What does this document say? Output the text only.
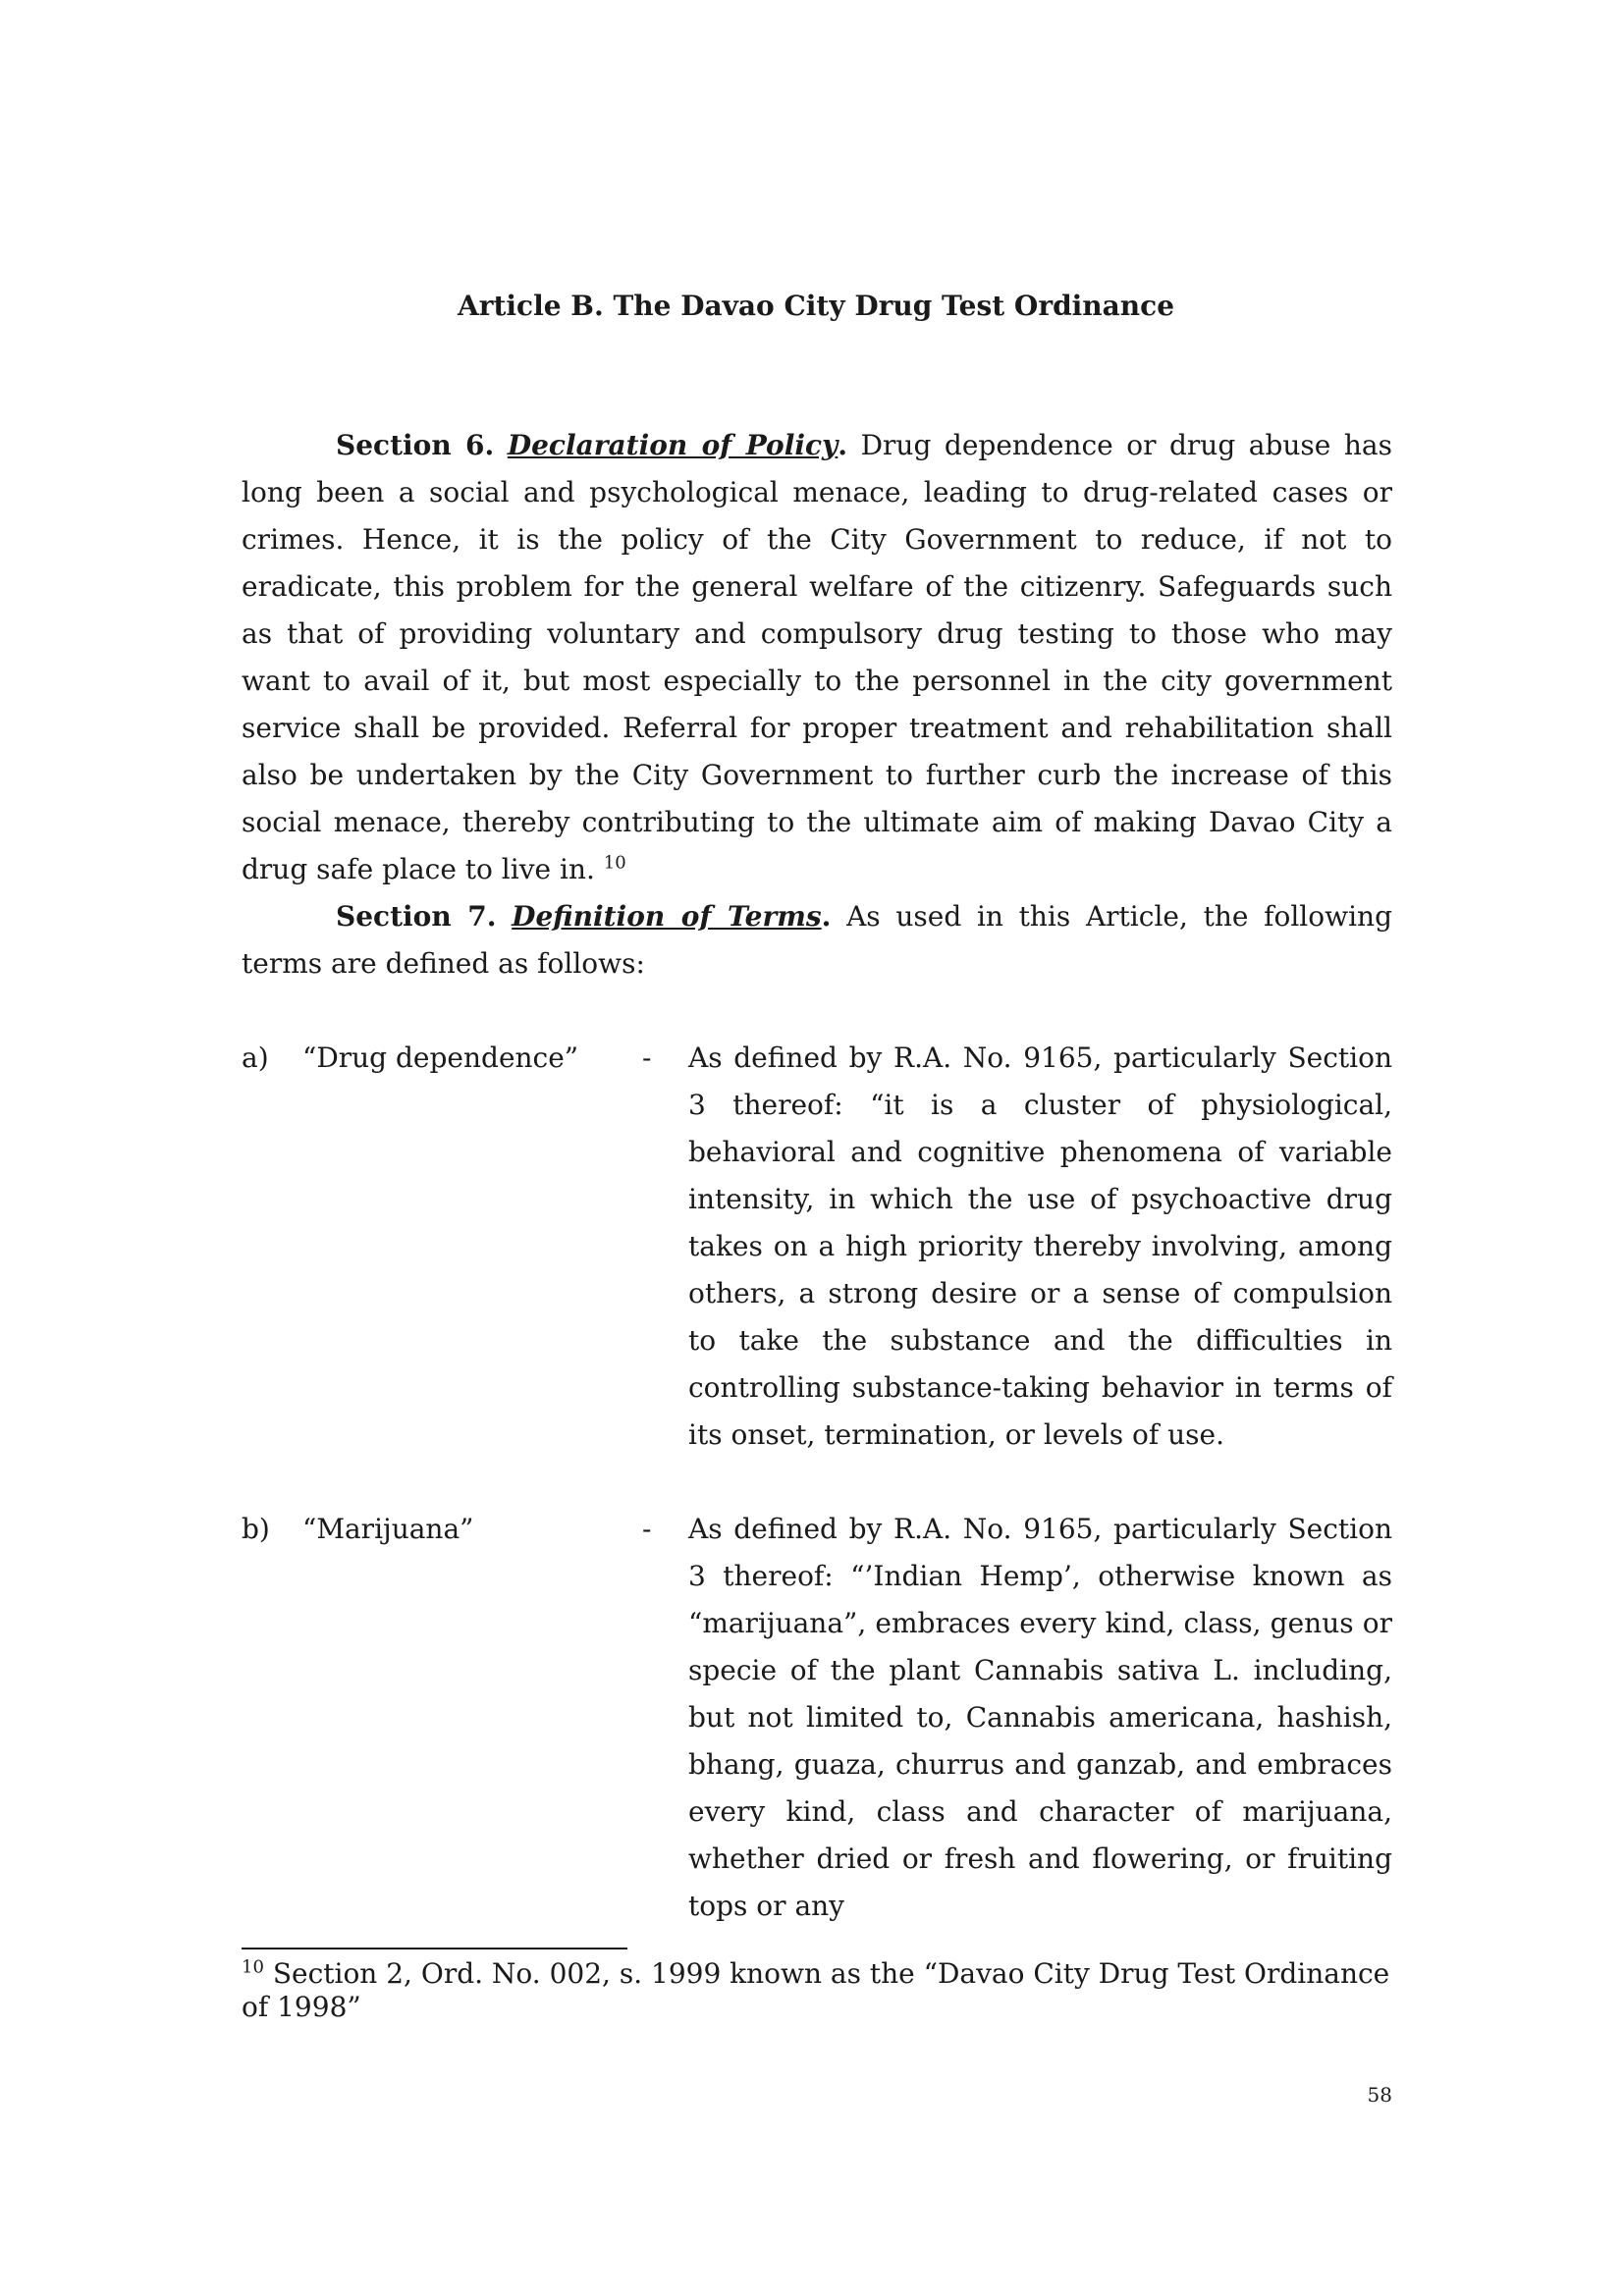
Article B. The Davao City Drug Test Ordinance

Section 6. Declaration of Policy. Drug dependence or drug abuse has long been a social and psychological menace, leading to drug-related cases or crimes. Hence, it is the policy of the City Government to reduce, if not to eradicate, this problem for the general welfare of the citizenry. Safeguards such as that of providing voluntary and compulsory drug testing to those who may want to avail of it, but most especially to the personnel in the city government service shall be provided. Referral for proper treatment and rehabilitation shall also be undertaken by the City Government to further curb the increase of this social menace, thereby contributing to the ultimate aim of making Davao City a drug safe place to live in. $^{10}$

Section 7. Definition of Terms. As used in this Article, the following terms are defined as follows:

a) “Drug dependence” - As defined by R.A. No. 9165, particularly Section 3 thereof: “it is a cluster of physiological, behavioral and cognitive phenomena of variable intensity, in which the use of psychoactive drug takes on a high priority thereby involving, among others, a strong desire or a sense of compulsion to take the substance and the difficulties in controlling substance-taking behavior in terms of its onset, termination, or levels of use.

b) “Marijuana”	- As defined by R.A. No. 9165, particularly Section 3 thereof: “’Indian Hemp’, otherwise known as “marijuana”, embraces every kind, class, genus or specie of the plant Cannabis sativa L. including, but not limited to, Cannabis americana, hashish, bhang, guaza, churrus and ganzab, and embraces every kind, class and character of marijuana, whether dried or fresh and flowering, or fruiting tops or any

$^{10}$ Section 2, Ord. No. 002, s. 1999 known as the “Davao City Drug Test Ordinance of 1998”

58
